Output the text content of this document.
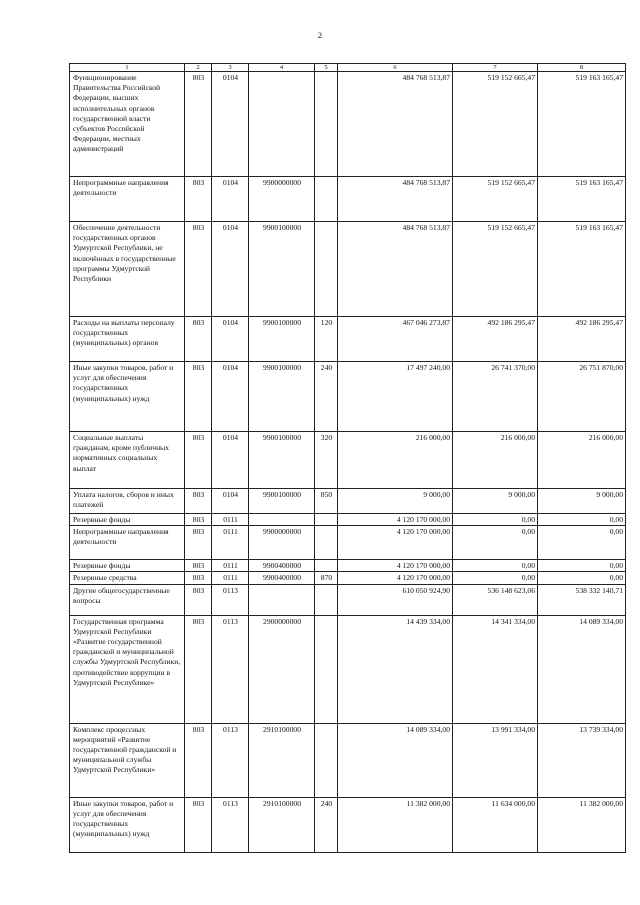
2
1	2	3	4	5	6	7	8
Функционирование Правительства Российской Федерации, высших исполнительных органов государственной власти субъектов Российской Федерации, местных администраций	803	0104			484 768 513,87	519 152 665,47	519 163 165,47
Непрограммные направления деятельности	803	0104	9900000000		484 768 513,87	519 152 665,47	519 163 165,47
Обеспечение деятельности государственных органов Удмуртской Республики, не включённых в государственные программы Удмуртской Республики	803	0104	9900100000		484 768 513,87	519 152 665,47	519 163 165,47
Расходы на выплаты персоналу государственных (муниципальных) органов	803	0104	9900100000	120	467 046 273,87	492 186 295,47	492 186 295,47
Иные закупки товаров, работ и услуг для обеспечения государственных (муниципальных) нужд	803	0104	9900100000	240	17 497 240,00	26 741 370,00	26 751 870,00
Социальные выплаты гражданам, кроме публичных нормативных социальных выплат	803	0104	9900100000	320	216 000,00	216 000,00	216 000,00
Уплата налогов, сборов и иных платежей	803	0104	9900100000	850	9 000,00	9 000,00	9 000,00
Резервные фонды	803	0111			4 120 170 000,00	0,00	0,00
Непрограммные направления деятельности	803	0111	9900000000		4 120 170 000,00	0,00	0,00
Резервные фонды	803	0111	9900400000		4 120 170 000,00	0,00	0,00
Резервные средства	803	0111	9900400000	870	4 120 170 000,00	0,00	0,00
Другие общегосударственные вопросы	803	0113			610 050 924,90	536 148 623,06	538 332 140,71
Государственная программа Удмуртской Республики «Развитие государственной гражданской и муниципальной службы Удмуртской Республики, противодействие коррупции в Удмуртской Республике»	803	0113	2900000000		14 439 334,00	14 341 334,00	14 089 334,00
Комплекс процессных мероприятий «Развитие государственной гражданской и муниципальной службы Удмуртской Республики»	803	0113	2910100000		14 089 334,00	13 991 334,00	13 739 334,00
Иные закупки товаров, работ и услуг для обеспечения государственных (муниципальных) нужд	803	0113	2910100000	240	11 382 000,00	11 634 000,00	11 382 000,00
